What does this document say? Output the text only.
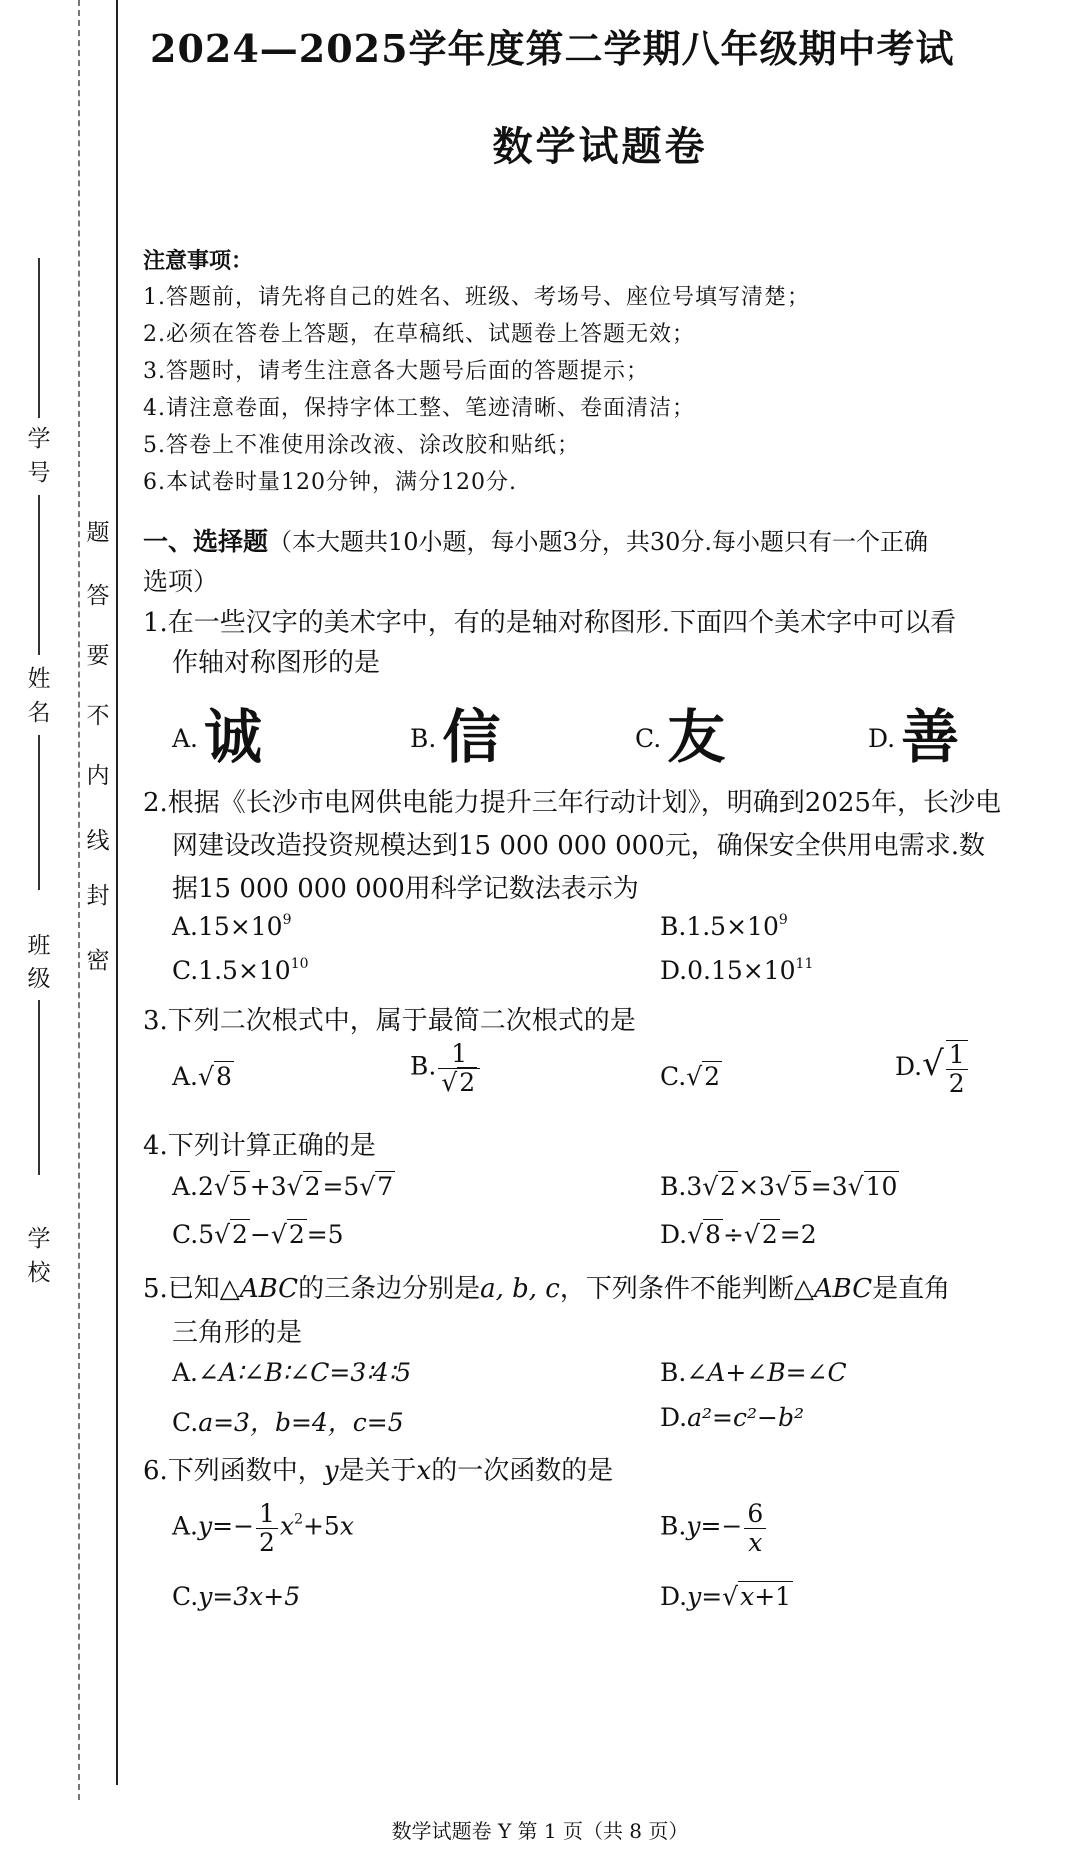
学
号
姓
名
班
级
学
校
密
封
线
内
不
要
答
题
2024—2025学年度第二学期八年级期中考试
数学试题卷
注意事项：
1.答题前，请先将自己的姓名、班级、考场号、座位号填写清楚；
2.必须在答卷上答题，在草稿纸、试题卷上答题无效；
3.答题时，请考生注意各大题号后面的答题提示；
4.请注意卷面，保持字体工整、笔迹清晰、卷面清洁；
5.答卷上不准使用涂改液、涂改胶和贴纸；
6.本试卷时量120分钟，满分120分.
一、选择题（本大题共10小题，每小题3分，共30分.每小题只有一个正确
选项）
1.在一些汉字的美术字中，有的是轴对称图形.下面四个美术字中可以看
作轴对称图形的是
A. 诚	B. 信	C. 友	D. 善
2.根据《长沙市电网供电能力提升三年行动计划》，明确到2025年，长沙电
网建设改造投资规模达到15 000 000 000元，确保安全供用电需求.数
据15 000 000 000用科学记数法表示为
$A.15\times 10^9$	$B.1.5\times 10^9$
$C.1.5\times 10^{10}$	$D.0.15\times 10^{11}$
3.下列二次根式中，属于最简二次根式的是
A.√8	B. $\frac{1}{√2}$	C.√2	$D.√ \frac{1}{2}$
4.下列计算正确的是
A.2√5+3√2=5√7	B.3√2×3√5=3√10
C.5√2−√2=5	D.√8÷√2=2
5.已知△ABC的三条边分别是a, b, c，下列条件不能判断△ABC是直角
三角形的是
A.∠A∶∠B∶∠C=3∶4∶5	B.∠A+∠B=∠C
C.a=3，b=4，c=5	D.a²=c²−b²
6.下列函数中，y是关于x的一次函数的是
$A.y=- \frac{1}{2} x^2+5x$	$B.y=- \frac{6}{x}$
C.y=3x+5	D.y=√x+1
数学试题卷 Y 第 1 页（共 8 页）
